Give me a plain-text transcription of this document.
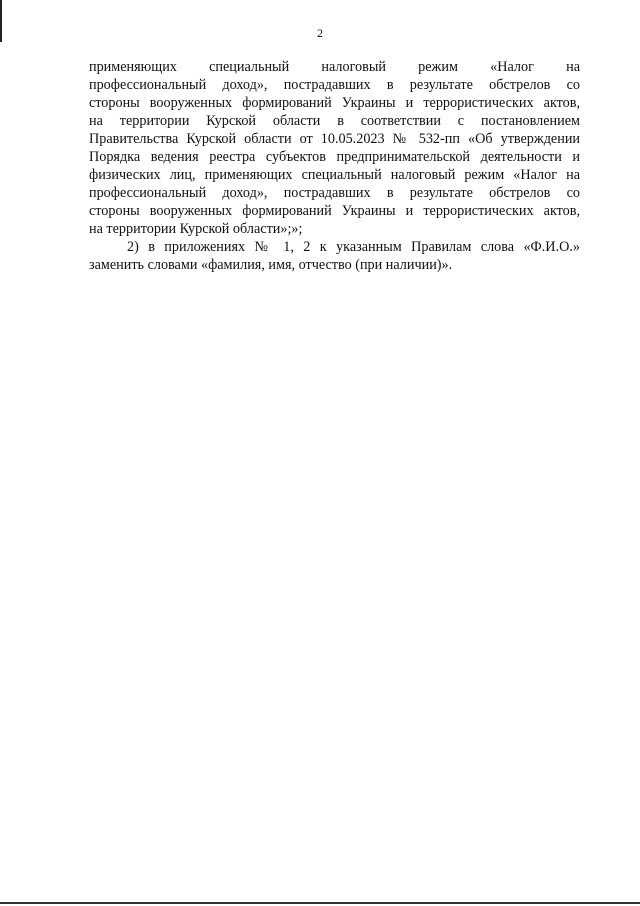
2
применяющих специальный налоговый режим «Налог на
профессиональный доход», пострадавших в результате обстрелов со
стороны вооруженных формирований Украины и террористических актов,
на территории Курской области в соответствии с постановлением
Правительства Курской области от 10.05.2023 № 532-пп «Об утверждении
Порядка ведения реестра субъектов предпринимательской деятельности и
физических лиц, применяющих специальный налоговый режим «Налог на
профессиональный доход», пострадавших в результате обстрелов со
стороны вооруженных формирований Украины и террористических актов,
на территории Курской области»;»;
2) в приложениях № 1, 2 к указанным Правилам слова «Ф.И.О.»
заменить словами «фамилия, имя, отчество (при наличии)».
